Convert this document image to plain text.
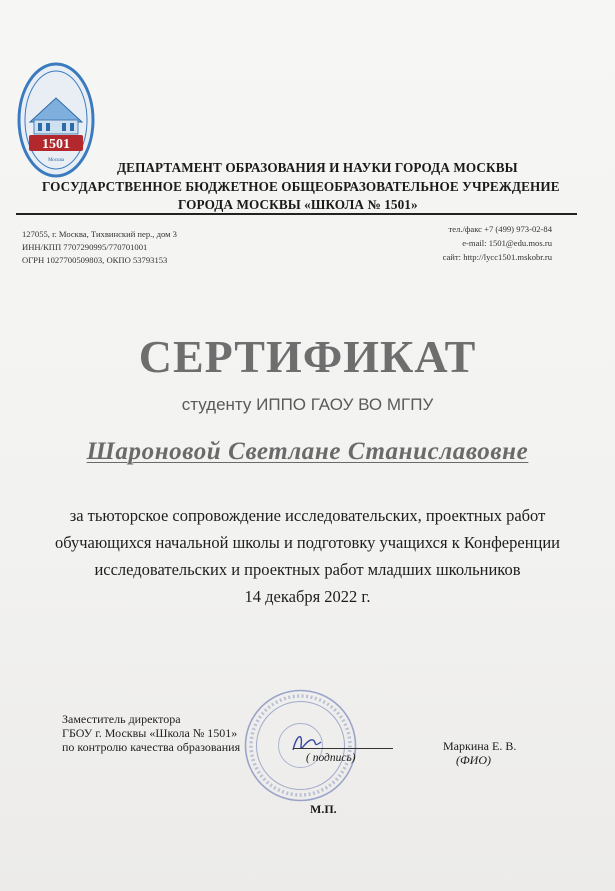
1501
Москва	ДЕПАРТАМЕНТ ОБРАЗОВАНИЯ И НАУКИ ГОРОДА МОСКВЫ
ГОСУДАРСТВЕННОЕ БЮДЖЕТНОЕ ОБЩЕОБРАЗОВАТЕЛЬНОЕ УЧРЕЖДЕНИЕ
ГОРОДА МОСКВЫ «ШКОЛА № 1501»
127055, г. Москва, Тихвинский пер., дом 3
ИНН/КПП 7707290995/770701001
ОГРН 1027700509803, ОКПО 53793153
тел./факс +7 (499) 973-02-84
e-mail: 1501@edu.mos.ru
сайт: http://lycc1501.mskobr.ru
СЕРТИФИКАТ
студенту ИППО ГАОУ ВО МГПУ
Шароновой Светлане Станиславовне
за тьюторское сопровождение исследовательских, проектных работ
обучающихся начальной школы и подготовку учащихся к Конференции
исследовательских и проектных работ младших школьников
14 декабря 2022 г.
Заместитель директора
ГБОУ г. Москвы «Школа № 1501»
по контролю качества образования
( подпись)
Маркина Е. В.
(ФИО)
М.П.
